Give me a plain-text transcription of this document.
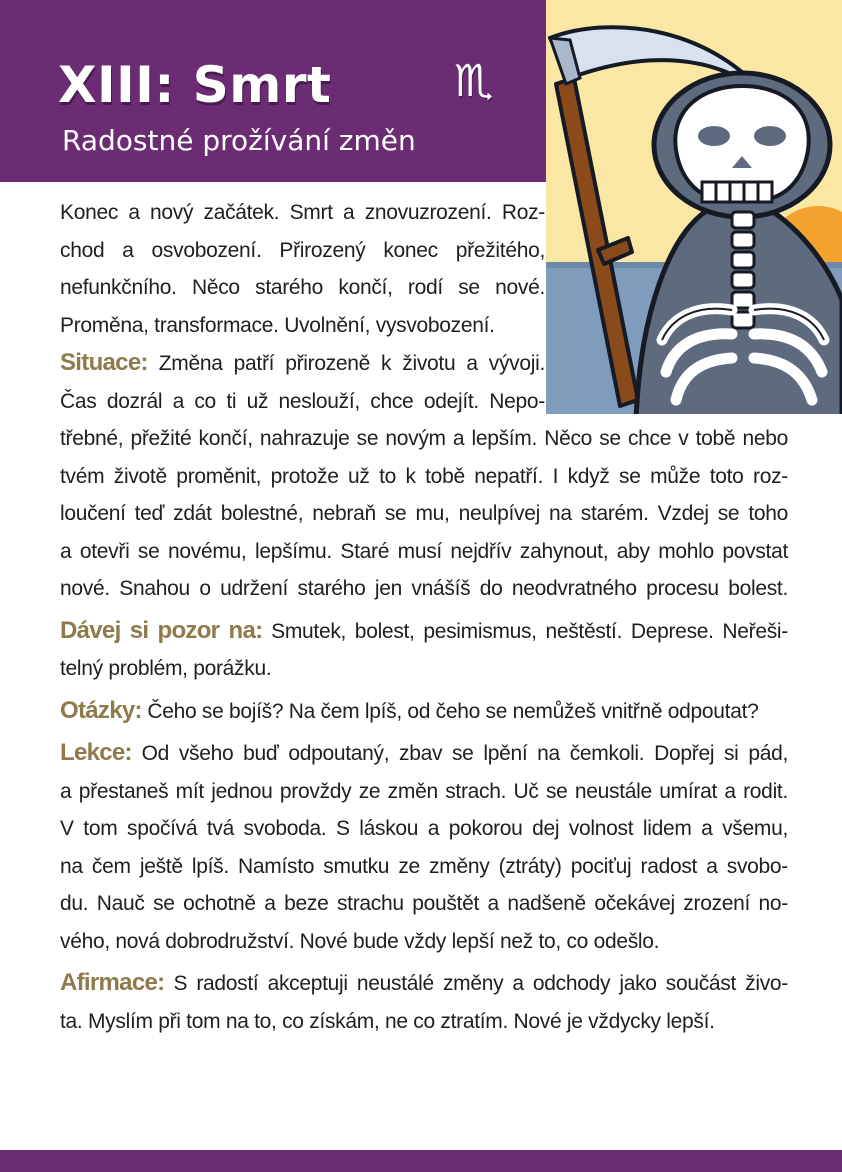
XIII: Smrt	♏
Radostné prožívání změn
Konec a nový začátek. Smrt a znovuzrození. Roz-
chod a osvobození. Přirozený konec přežitého,
nefunkčního. Něco starého končí, rodí se nové.
Proměna, transformace. Uvolnění, vysvobození.
Situace: Změna patří přirozeně k životu a vývoji.
Čas dozrál a co ti už neslouží, chce odejít. Nepo-
třebné, přežité končí, nahrazuje se novým a lepším. Něco se chce v tobě nebo
tvém životě proměnit, protože už to k tobě nepatří. I když se může toto roz-
loučení teď zdát bolestné, nebraň se mu, neulpívej na starém. Vzdej se toho
a otevři se novému, lepšímu. Staré musí nejdřív zahynout, aby mohlo povstat
nové. Snahou o udržení starého jen vnášíš do neodvratného procesu bolest.
Dávej si pozor na: Smutek, bolest, pesimismus, neštěstí. Deprese. Neřeši-
telný problém, porážku.
Otázky: Čeho se bojíš? Na čem lpíš, od čeho se nemůžeš vnitřně odpoutat?
Lekce: Od všeho buď odpoutaný, zbav se lpění na čemkoli. Dopřej si pád,
a přestaneš mít jednou provždy ze změn strach. Uč se neustále umírat a rodit.
V tom spočívá tvá svoboda. S láskou a pokorou dej volnost lidem a všemu,
na čem ještě lpíš. Namísto smutku ze změny (ztráty) pociťuj radost a svobo-
du. Nauč se ochotně a beze strachu pouštět a nadšeně očekávej zrození no-
vého, nová dobrodružství. Nové bude vždy lepší než to, co odešlo.
Afirmace: S radostí akceptuji neustálé změny a odchody jako součást živo-
ta. Myslím při tom na to, co získám, ne co ztratím. Nové je vždycky lepší.
